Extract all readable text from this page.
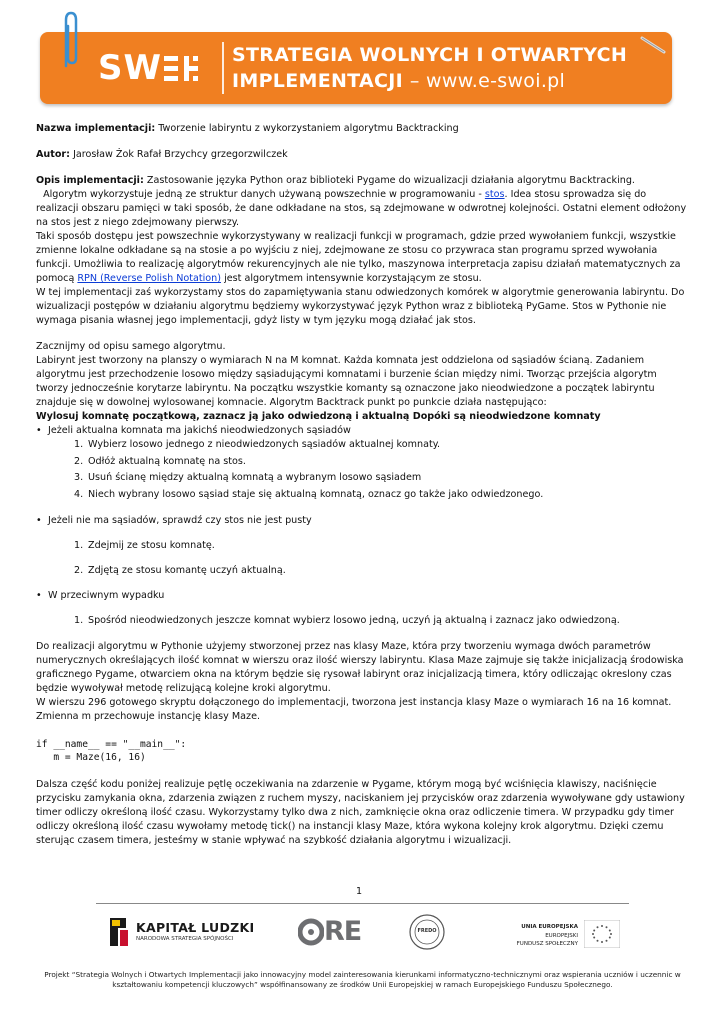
SW	STRATEGIA WOLNYCH I OTWARTYCH
IMPLEMENTACJI – www.e-swoi.pl

Nazwa implementacji: Tworzenie labiryntu z wykorzystaniem algorytmu Backtracking

Autor: Jarosław Żok Rafał Brzychcy grzegorzwilczek

Opis implementacji: Zastosowanie języka Python oraz biblioteki Pygame do wizualizacji działania algorytmu Backtracking.

Algorytm wykorzystuje jedną ze struktur danych używaną powszechnie w programowaniu - stos. Idea stosu sprowadza się do realizacji obszaru pamięci w taki sposób, że dane odkładane na stos, są zdejmowane w odwrotnej kolejności. Ostatni element odłożony na stos jest z niego zdejmowany pierwszy.

Taki sposób dostępu jest powszechnie wykorzystywany w realizacji funkcji w programach, gdzie przed wywołaniem funkcji, wszystkie zmienne lokalne odkładane są na stosie a po wyjściu z niej, zdejmowane ze stosu co przywraca stan programu sprzed wywołania funkcji. Umożliwia to realizację algorytmów rekurencyjnych ale nie tylko, maszynowa interpretacja zapisu działań matematycznych za pomocą RPN (Reverse Polish Notation) jest algorytmem intensywnie korzystającym ze stosu.

W tej implementacji zaś wykorzystamy stos do zapamiętywania stanu odwiedzonych komórek w algorytmie generowania labiryntu. Do wizualizacji postępów w działaniu algorytmu będziemy wykorzystywać język Python wraz z biblioteką PyGame. Stos w Pythonie nie wymaga pisania własnej jego implementacji, gdyż listy w tym języku mogą działać jak stos.

Zacznijmy od opisu samego algorytmu.

Labirynt jest tworzony na planszy o wymiarach N na M komnat. Każda komnata jest oddzielona od sąsiadów ścianą. Zadaniem algorytmu jest przechodzenie losowo między sąsiadującymi komnatami i burzenie ścian między nimi. Tworząc przejścia algorytm tworzy jednocześnie korytarze labiryntu. Na początku wszystkie komanty są oznaczone jako nieodwiedzone a początek labiryntu znajduje się w dowolnej wylosowanej komnacie. Algorytm Backtrack punkt po punkcie działa następująco:

Wylosuj komnatę początkową, zaznacz ją jako odwiedzoną i aktualną Dopóki są nieodwiedzone komnaty

• Jeżeli aktualna komnata ma jakichś nieodwiedzonych sąsiadów

1. Wybierz losowo jednego z nieodwiedzonych sąsiadów aktualnej komnaty.
2. Odłóż aktualną komnatę na stos.
3. Usuń ścianę między aktualną komnatą a wybranym losowo sąsiadem
4. Niech wybrany losowo sąsiad staje się aktualną komnatą, oznacz go także jako odwiedzonego.

• Jeżeli nie ma sąsiadów, sprawdź czy stos nie jest pusty

1. Zdejmij ze stosu komnatę.
2. Zdjętą ze stosu komantę uczyń aktualną.

• W przeciwnym wypadku

1. Spośród nieodwiedzonych jeszcze komnat wybierz losowo jedną, uczyń ją aktualną i zaznacz jako odwiedzoną.

Do realizacji algorytmu w Pythonie użyjemy stworzonej przez nas klasy Maze, która przy tworzeniu wymaga dwóch parametrów numerycznych określających ilość komnat w wierszu oraz ilość wierszy labiryntu. Klasa Maze zajmuje się także inicjalizacją środowiska graficznego Pygame, otwarciem okna na którym będzie się rysował labirynt oraz inicjalizacją timera, który odliczając okreslony czas będzie wywoływał metodę relizującą kolejne kroki algorytmu.

W wierszu 296 gotowego skryptu dołączonego do implementacji, tworzona jest instancja klasy Maze o wymiarach 16 na 16 komnat. Zmienna m przechowuje instancję klasy Maze.

if __name__ == "__main__":
m = Maze(16, 16)

Dalsza część kodu poniżej realizuje pętlę oczekiwania na zdarzenie w Pygame, którym mogą być wciśnięcia klawiszy, naciśnięcie przycisku zamykania okna, zdarzenia związen z ruchem myszy, naciskaniem jej przycisków oraz zdarzenia wywoływane gdy ustawiony timer odliczy określoną ilość czasu. Wykorzystamy tylko dwa z nich, zamknięcie okna oraz odliczenie timera. W przypadku gdy timer odliczy określoną ilość czasu wywołamy metodę tick() na instancji klasy Maze, która wykona kolejny krok algorytmu. Dzięki czemu sterując czasem timera, jesteśmy w stanie wpływać na szybkość działania algorytmu i wizualizacji.

1
KAPITAŁ LUDZKI
NARODOWA STRATEGIA SPÓJNOŚCI	RE	FREDO
UNIA EUROPEJSKA
EUROPEJSKI
FUNDUSZ SPOŁECZNY
Projekt “Strategia Wolnych i Otwartych Implementacji jako innowacyjny model zainteresowania kierunkami informatyczno-technicznymi oraz wspierania uczniów i uczennic w kształtowaniu kompetencji kluczowych” współfinansowany ze środków Unii Europejskiej w ramach Europejskiego Funduszu Społecznego.
